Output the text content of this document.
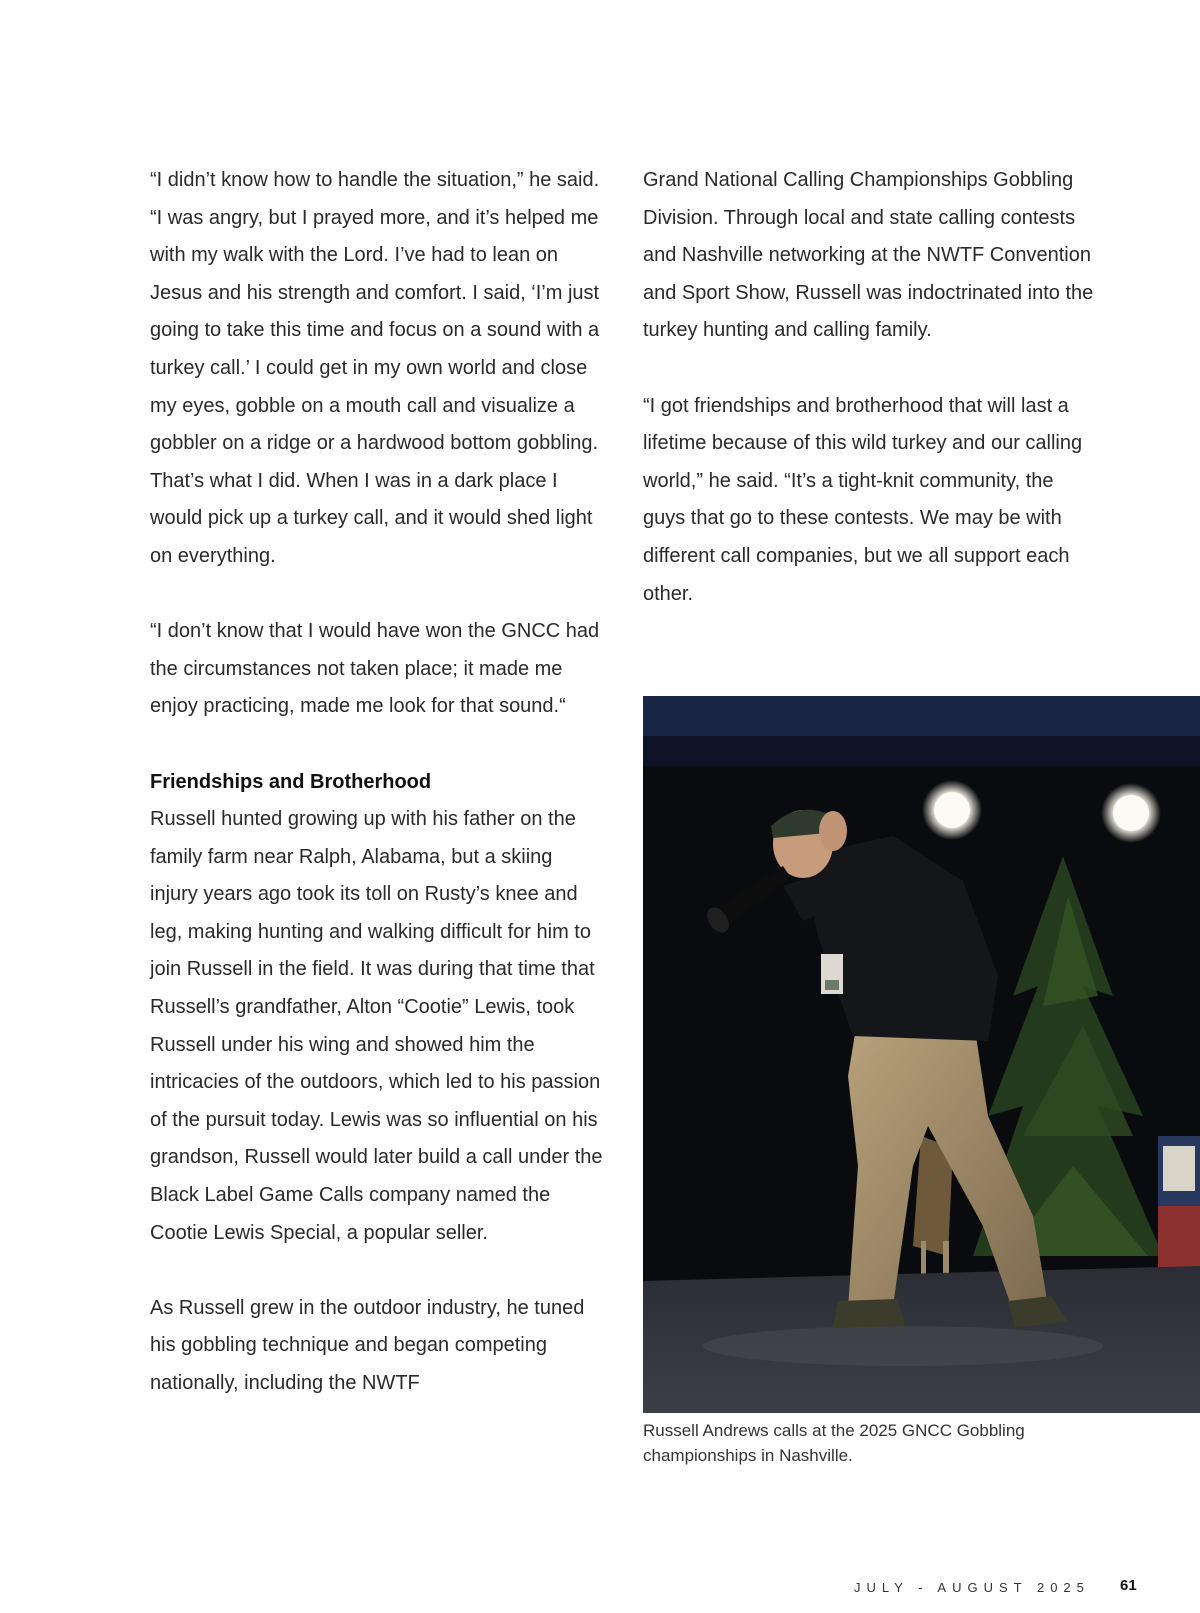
“I didn’t know how to handle the situation,” he said. “I was angry, but I prayed more, and it’s helped me with my walk with the Lord. I’ve had to lean on Jesus and his strength and comfort. I said, ‘I’m just going to take this time and focus on a sound with a turkey call.’ I could get in my own world and close my eyes, gobble on a mouth call and visualize a gobbler on a ridge or a hardwood bottom gobbling. That’s what I did. When I was in a dark place I would pick up a turkey call, and it would shed light on everything.

“I don’t know that I would have won the GNCC had the circumstances not taken place; it made me enjoy practicing, made me look for that sound.“

Friendships and Brotherhood

Russell hunted growing up with his father on the family farm near Ralph, Alabama, but a skiing injury years ago took its toll on Rusty’s knee and leg, making hunting and walking difficult for him to join Russell in the field. It was during that time that Russell’s grandfather, Alton “Cootie” Lewis, took Russell under his wing and showed him the intricacies of the outdoors, which led to his passion of the pursuit today. Lewis was so influential on his grandson, Russell would later build a call under the Black Label Game Calls company named the Cootie Lewis Special, a popular seller.

As Russell grew in the outdoor industry, he tuned his gobbling technique and began competing nationally, including the NWTF

Grand National Calling Championships Gobbling Division. Through local and state calling contests and Nashville networking at the NWTF Convention and Sport Show, Russell was indoctrinated into the turkey hunting and calling family.

“I got friendships and brotherhood that will last a lifetime because of this wild turkey and our calling world,” he said. “It’s a tight-knit community, the guys that go to these contests. We may be with different call companies, but we all support each other.

Russell Andrews calls at the 2025 GNCC Gobbling championships in Nashville.
JULY - AUGUST 2025 61
